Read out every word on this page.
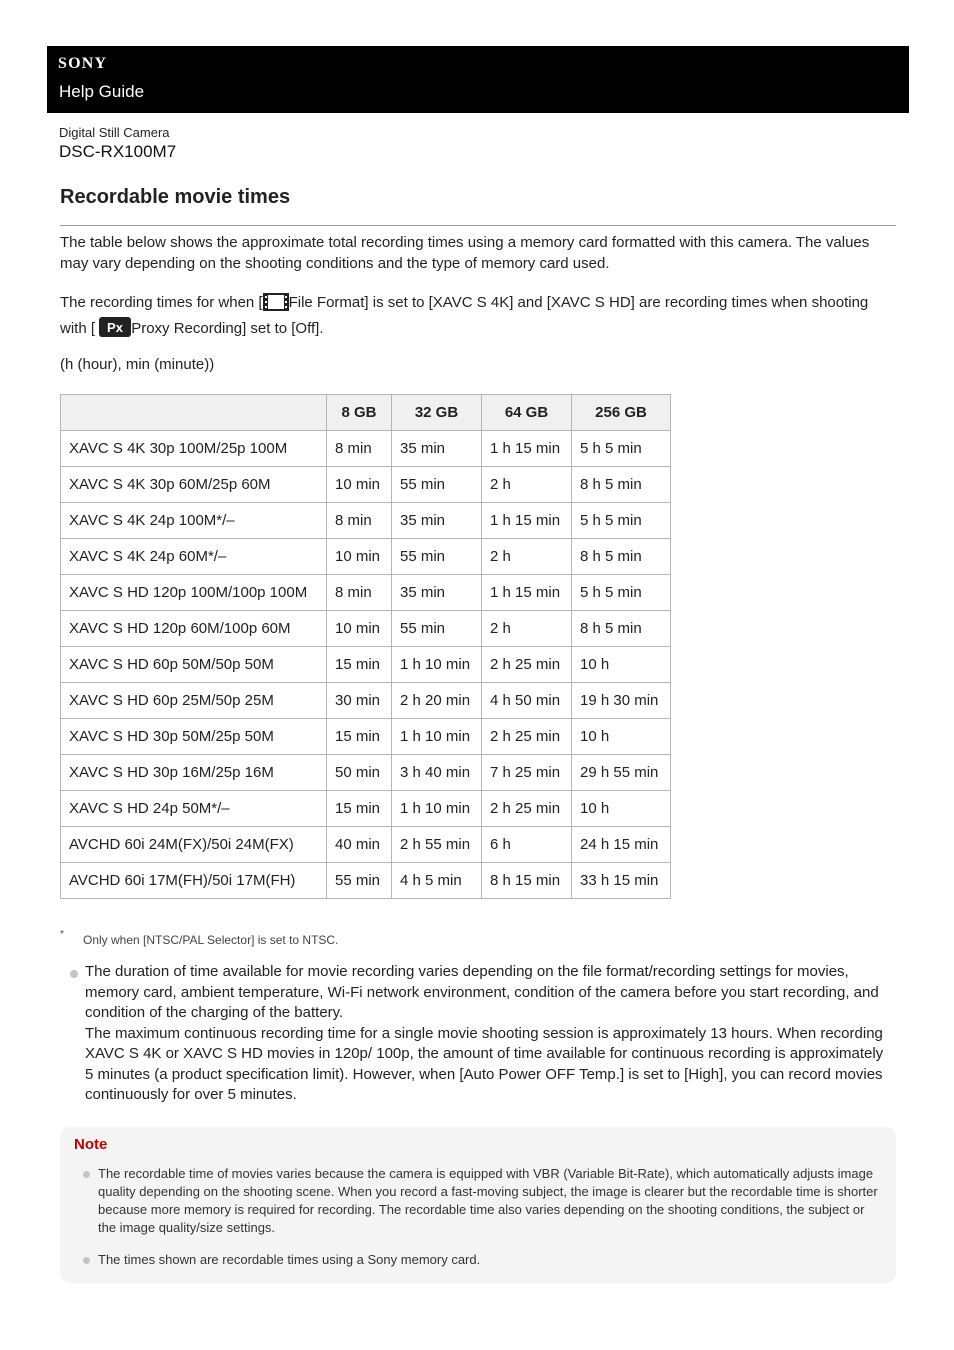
SONY
Help Guide
Digital Still Camera
DSC-RX100M7
Recordable movie times
The table below shows the approximate total recording times using a memory card formatted with this camera. The values may vary depending on the shooting conditions and the type of memory card used.
The recording times for when [ File Format] is set to [XAVC S 4K] and [XAVC S HD] are recording times when shooting with [ Px Proxy Recording] set to [Off].
(h (hour), min (minute))
	8 GB	32 GB	64 GB	256 GB
XAVC S 4K 30p 100M/25p 100M	8 min	35 min	1 h 15 min	5 h 5 min
XAVC S 4K 30p 60M/25p 60M	10 min	55 min	2 h	8 h 5 min
XAVC S 4K 24p 100M*/–	8 min	35 min	1 h 15 min	5 h 5 min
XAVC S 4K 24p 60M*/–	10 min	55 min	2 h	8 h 5 min
XAVC S HD 120p 100M/100p 100M	8 min	35 min	1 h 15 min	5 h 5 min
XAVC S HD 120p 60M/100p 60M	10 min	55 min	2 h	8 h 5 min
XAVC S HD 60p 50M/50p 50M	15 min	1 h 10 min	2 h 25 min	10 h
XAVC S HD 60p 25M/50p 25M	30 min	2 h 20 min	4 h 50 min	19 h 30 min
XAVC S HD 30p 50M/25p 50M	15 min	1 h 10 min	2 h 25 min	10 h
XAVC S HD 30p 16M/25p 16M	50 min	3 h 40 min	7 h 25 min	29 h 55 min
XAVC S HD 24p 50M*/–	15 min	1 h 10 min	2 h 25 min	10 h
AVCHD 60i 24M(FX)/50i 24M(FX)	40 min	2 h 55 min	6 h	24 h 15 min
AVCHD 60i 17M(FH)/50i 17M(FH)	55 min	4 h 5 min	8 h 15 min	33 h 15 min
* Only when [NTSC/PAL Selector] is set to NTSC.
The duration of time available for movie recording varies depending on the file format/recording settings for movies, memory card, ambient temperature, Wi-Fi network environment, condition of the camera before you start recording, and condition of the charging of the battery.
The maximum continuous recording time for a single movie shooting session is approximately 13 hours. When recording XAVC S 4K or XAVC S HD movies in 120p/ 100p, the amount of time available for continuous recording is approximately 5 minutes (a product specification limit). However, when [Auto Power OFF Temp.] is set to [High], you can record movies continuously for over 5 minutes.
Note
The recordable time of movies varies because the camera is equipped with VBR (Variable Bit-Rate), which automatically adjusts image quality depending on the shooting scene. When you record a fast-moving subject, the image is clearer but the recordable time is shorter because more memory is required for recording. The recordable time also varies depending on the shooting conditions, the subject or the image quality/size settings.
The times shown are recordable times using a Sony memory card.
